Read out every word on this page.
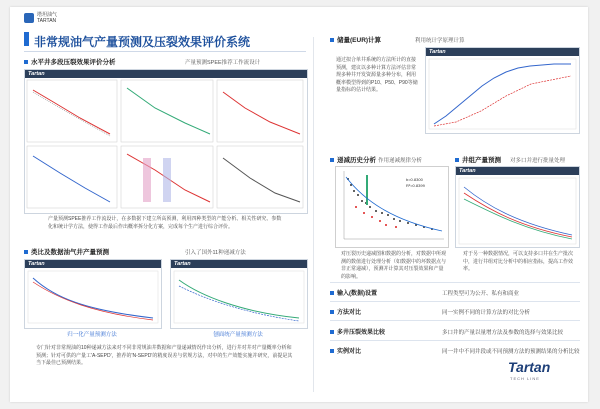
塔坦油气
TARTAN
非常规油气产量预测及压裂效果评价系统
水平井多段压裂效果评价分析	产量预测SPEE推荐工作流设计
Tartan
产量预测SPEE推荐工作流设计，在多数据下建立所高预测，利用四种类型的产能分析、相关性研究、参数化和统计学方法，使得工作最后作出概率拆分化方案，完成每个生产进行综合评价。
类比及数据油气井产量预测	引入了国外11种递减方法
Tartan	Tartan
归一化产量预测方法	刨面统产量预测方法
专门针对非常规油的10种递减方法来对不同非常规油井数据和产量递减情况作出分析，进行井对井对产量概率分析和预测；针对可供的产量工'A-SEPD'，推荐的'N-SEPD'的精度误差与常规方法，对中的生产效能实施并研究，前提是其当下最佳已预测结果。
储量(EUR)计算	利用统计学原理计算
通过拟合单井系统的方法所计的直接预测，建议以多种计算方法评估非常规多种井开发资源量多种分布，利用概率模型得到的P10、P50、P90等储量指标的估计结果。
Tartan
递减历史分析 作用递减规律分析
b=0.8300
R²=0.8399
对压裂历史递减图和数据的分析，对数据中所观测的数值进行处理分析（如数据中的坏数据点与非正常递减），预测并计算其对压裂效果和产量的影响。
井组产量预测 对多口并进行批量处理
Tartan
对于另一种数据情况，可以支持多口井在生产批次中，进行井组对比分析中的相应指标，提高工作效率。
输入(数据)设置	工程类型可为公开、私有和商业
方法对比	同一实例不同的计算方法的对比分析
多井压裂效果比较	多口井的产量以量增方法及参数的选择与效果比较
实例对比	同一井中不同井段或不同预测方法的预测结果的分析比较
Tartan
TECH LINE
